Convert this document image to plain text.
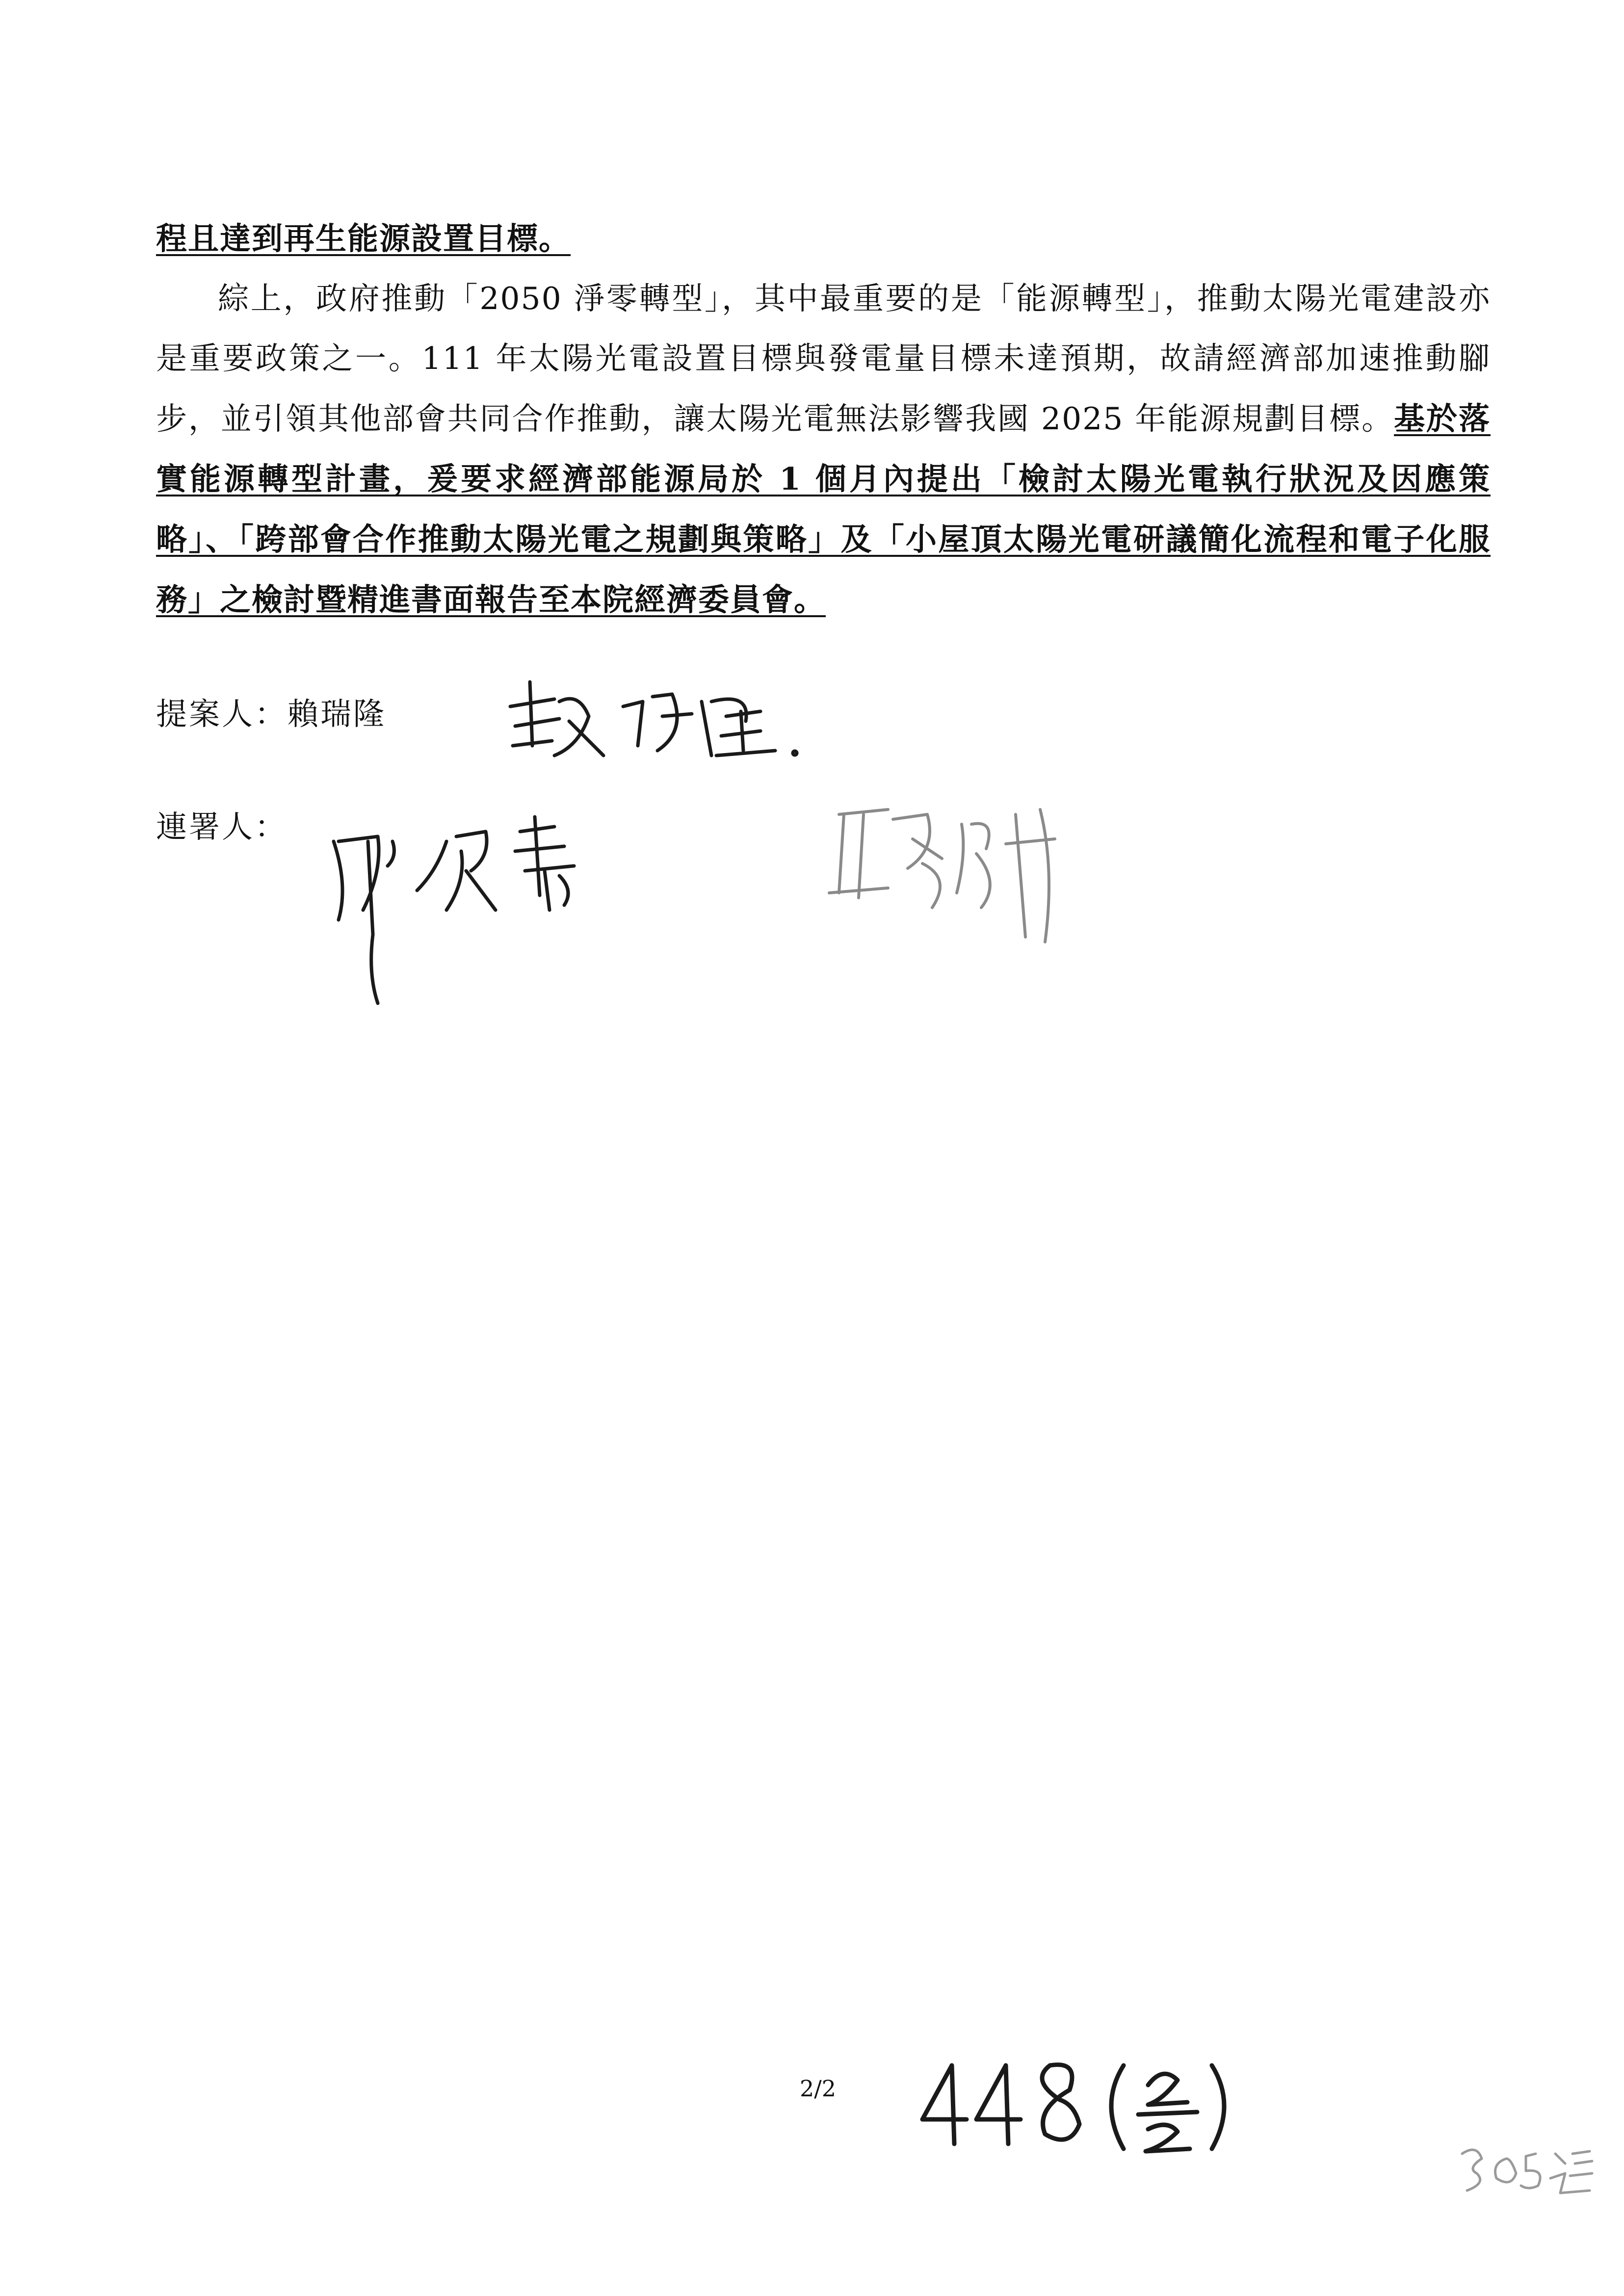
程且達到再生能源設置目標。

綜上，政府推動「2050 淨零轉型」，其中最重要的是「能源轉型」，推動太陽光電建設亦是重要政策之一。111 年太陽光電設置目標與發電量目標未達預期，故請經濟部加速推動腳步，並引領其他部會共同合作推動，讓太陽光電無法影響我國 2025 年能源規劃目標。基於落實能源轉型計畫，爰要求經濟部能源局於 1 個月內提出「檢討太陽光電執行狀況及因應策略」、「跨部會合作推動太陽光電之規劃與策略」及「小屋頂太陽光電研議簡化流程和電子化服務」之檢討暨精進書面報告至本院經濟委員會。

提案人：賴瑞隆
連署人：
2/2
